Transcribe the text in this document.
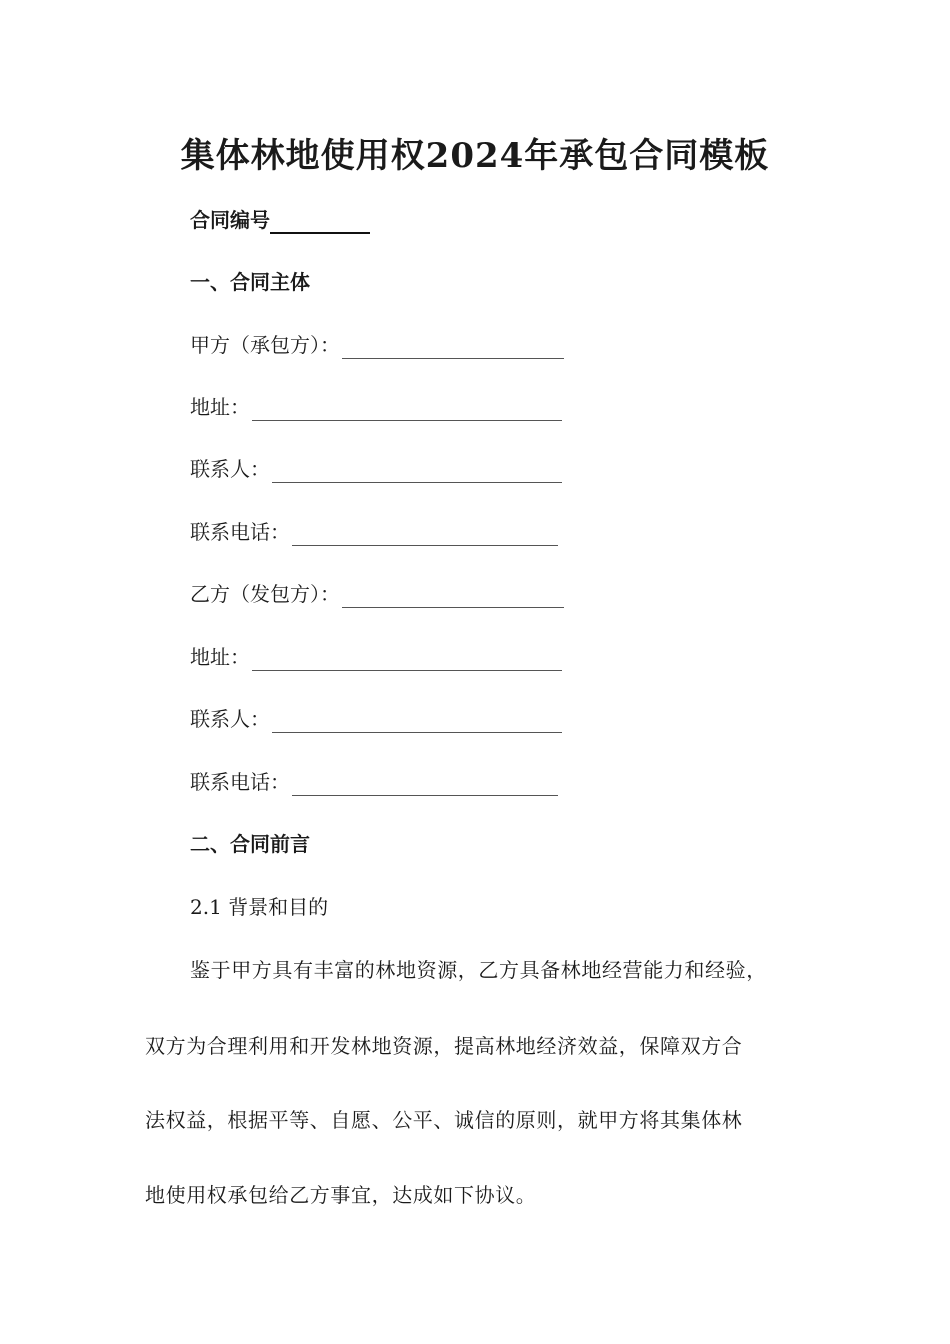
集体林地使用权2024年承包合同模板
合同编号
一、合同主体
甲方（承包方）：
地址：
联系人：
联系电话：
乙方（发包方）：
地址：
联系人：
联系电话：
二、合同前言
2.1 背景和目的
鉴于甲方具有丰富的林地资源，乙方具备林地经营能力和经验，
双方为合理利用和开发林地资源，提高林地经济效益，保障双方合
法权益，根据平等、自愿、公平、诚信的原则，就甲方将其集体林
地使用权承包给乙方事宜，达成如下协议。
